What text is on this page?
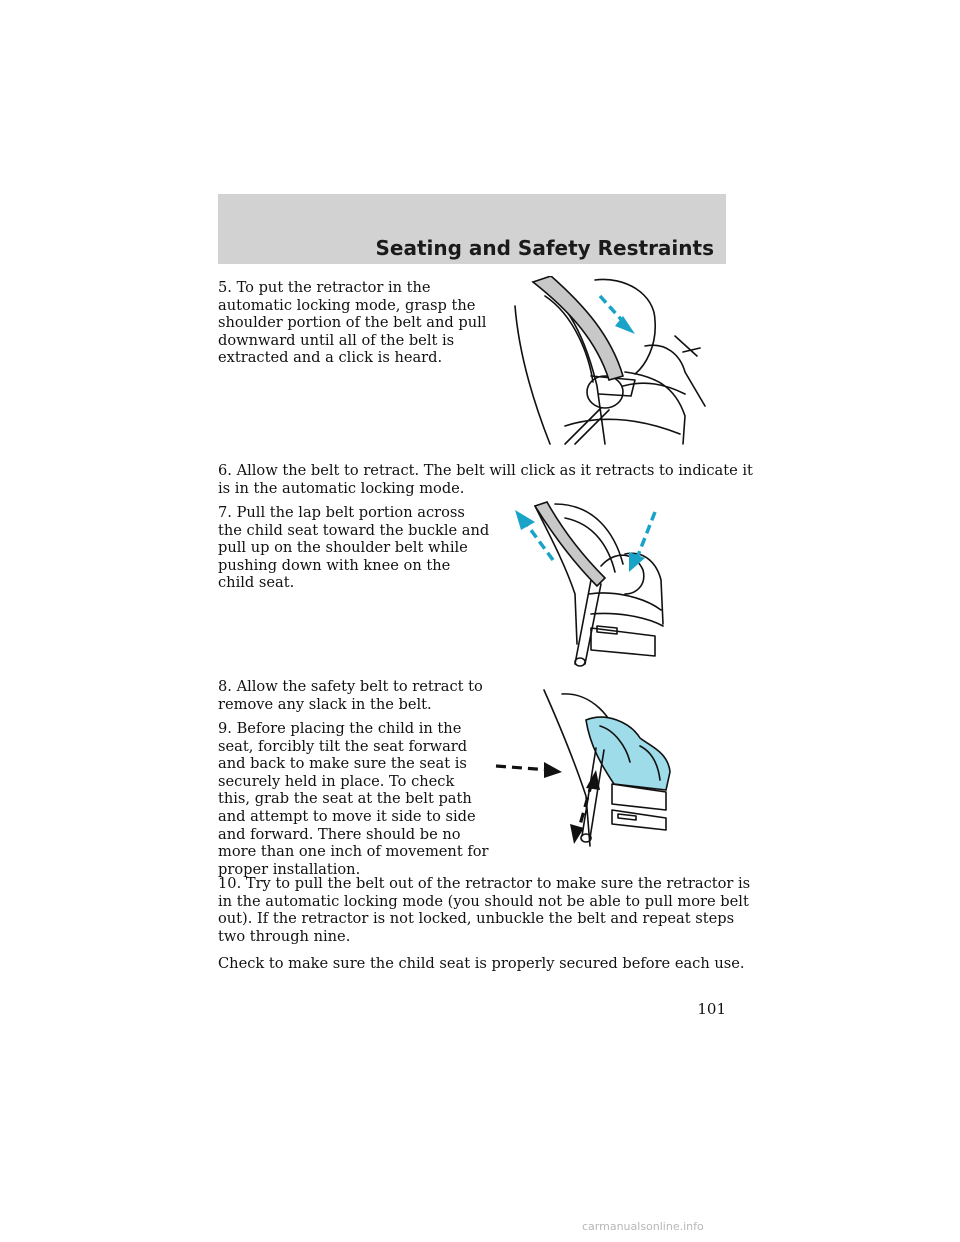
Seating and Safety Restraints
5. To put the retractor in the
automatic locking mode, grasp the
shoulder portion of the belt and pull
downward until all of the belt is
extracted and a click is heard.
6. Allow the belt to retract. The belt will click as it retracts to indicate it
is in the automatic locking mode.
7. Pull the lap belt portion across
the child seat toward the buckle and
pull up on the shoulder belt while
pushing down with knee on the
child seat.
8. Allow the safety belt to retract to
remove any slack in the belt.
9. Before placing the child in the
seat, forcibly tilt the seat forward
and back to make sure the seat is
securely held in place. To check
this, grab the seat at the belt path
and attempt to move it side to side
and forward. There should be no
more than one inch of movement for
proper installation.
10. Try to pull the belt out of the retractor to make sure the retractor is
in the automatic locking mode (you should not be able to pull more belt
out). If the retractor is not locked, unbuckle the belt and repeat steps
two through nine.
Check to make sure the child seat is properly secured before each use.
101
carmanualsonline.info
